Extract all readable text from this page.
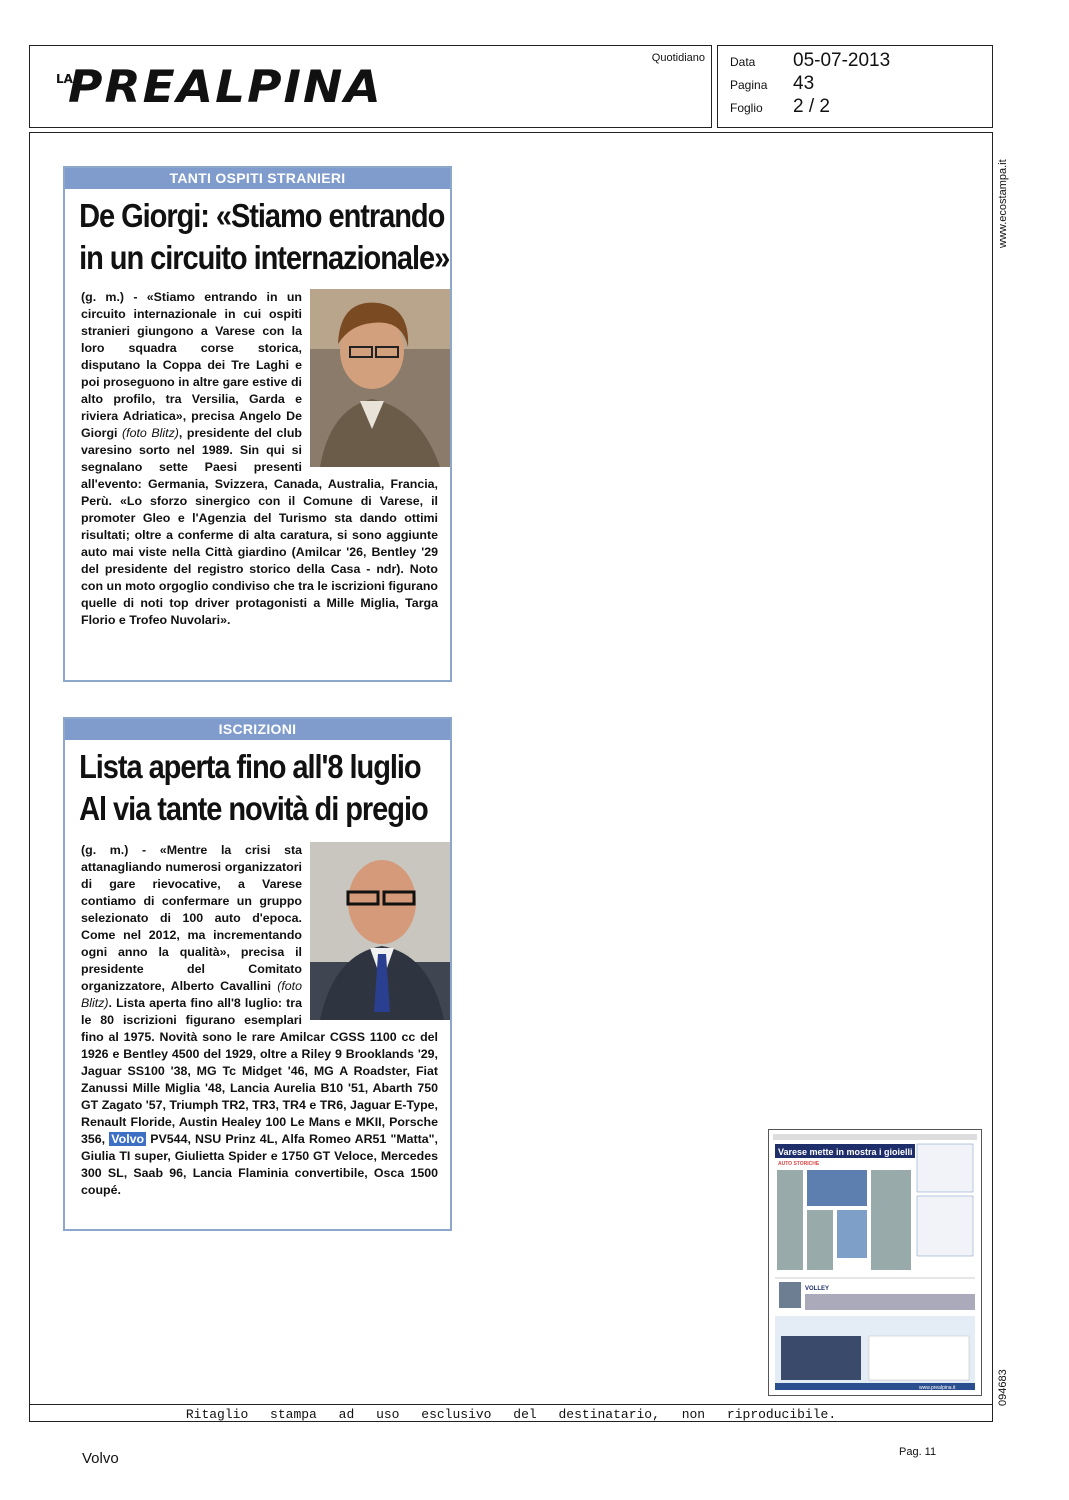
LA
PREALPINA
Quotidiano Data 05-07-2013
Pagina 43
Foglio 2 / 2
www.ecostampa.it
094683
TANTI OSPITI STRANIERI
De Giorgi: «Stiamo entrando
in un circuito internazionale»
(g. m.) - «Stiamo entrando in un circuito internazionale in cui ospiti stranieri giungono a Varese con la loro squadra corse storica, disputano la Coppa dei Tre Laghi e poi proseguono in altre gare estive di alto profilo, tra Versilia, Garda e riviera Adriatica», precisa Angelo De Giorgi (foto Blitz), presidente del club varesino sorto nel 1989. Sin qui si segnalano sette Paesi presenti all'evento: Germania, Svizzera, Canada, Australia, Francia, Perù. «Lo sforzo sinergico con il Comune di Varese, il promoter Gleo e l'Agenzia del Turismo sta dando ottimi risultati; oltre a conferme di alta caratura, si sono aggiunte auto mai viste nella Città giardino (Amilcar '26, Bentley '29 del presidente del registro storico della Casa - ndr). Noto con un moto orgoglio condiviso che tra le iscrizioni figurano quelle di noti top driver protagonisti a Mille Miglia, Targa Florio e Trofeo Nuvolari».
ISCRIZIONI
Lista aperta fino all'8 luglio
Al via tante novità di pregio
(g. m.) - «Mentre la crisi sta attanagliando numerosi organizzatori di gare rievocative, a Varese contiamo di confermare un gruppo selezionato di 100 auto d'epoca. Come nel 2012, ma incrementando ogni anno la qualità», precisa il presidente del Comitato organizzatore, Alberto Cavallini (foto Blitz). Lista aperta fino all'8 luglio: tra le 80 iscrizioni figurano esemplari fino al 1975. Novità sono le rare Amilcar CGSS 1100 cc del 1926 e Bentley 4500 del 1929, oltre a Riley 9 Brooklands '29, Jaguar SS100 '38, MG Tc Midget '46, MG A Roadster, Fiat Zanussi Mille Miglia '48, Lancia Aurelia B10 '51, Abarth 750 GT Zagato '57, Triumph TR2, TR3, TR4 e TR6, Jaguar E-Type, Renault Floride, Austin Healey 100 Le Mans e MKII, Porsche 356, Volvo PV544, NSU Prinz 4L, Alfa Romeo AR51 "Matta", Giulia TI super, Giulietta Spider e 1750 GT Veloce, Mercedes 300 SL, Saab 96, Lancia Flaminia convertibile, Osca 1500 coupé.
Varese mette in mostra i gioielli
AUTO STORICHE
VOLLEY
www.prealpina.it
Ritaglio stampa ad uso esclusivo del destinatario, non riproducibile.
Volvo	Pag. 11
